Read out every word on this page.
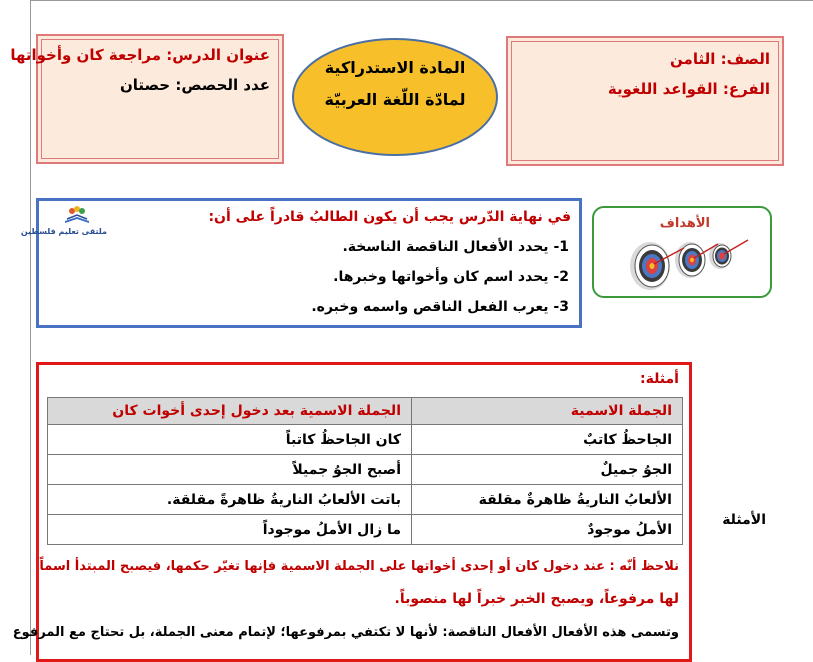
عنوان الدرس: مراجعة كان وأخواتها
عدد الحصص: حصتان
المادة الاستدراكية
لمادّة اللّغة العربيّة
الصف: الثامن
الفرع: القواعد اللغوية
ملتقى تعليم فلسطين
في نهاية الدّرس يجب أن يكون الطالبُ قادراً على أن:
1- يحدد الأفعال الناقصة الناسخة.
2- يحدد اسم كان وأخواتها وخبرها.
3- يعرب الفعل الناقص واسمه وخبره.
الأهداف
أمثلة:
الجملة الاسمية	الجملة الاسمية بعد دخول إحدى أخوات كان
الجاحظُ كاتبٌ	كان الجاحظُ كاتباً
الجوُ جميلٌ	أصبح الجوُ جميلاً
الألعابُ الناريةُ ظاهرةٌ مقلقة	باتت الألعابُ الناريةُ ظاهرةً مقلقة.
الأملُ موجودٌ	ما زال الأملُ موجوداً
نلاحظ أنّه : عند دخول كان أو إحدى أخواتها على الجملة الاسمية فإنها تغيّر حكمها، فيصبح المبتدأ اسماً
لها مرفوعاً، ويصبح الخبر خبراً لها منصوباً.
وتسمى هذه الأفعال الأفعال الناقصة: لأنها لا تكتفي بمرفوعها؛ لإتمام معنى الجملة، بل تحتاج مع المرفوع
الأمثلة
